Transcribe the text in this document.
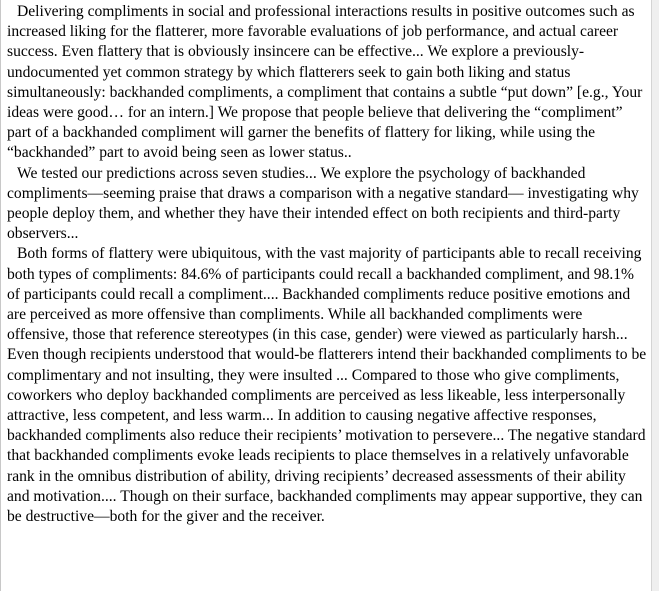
Delivering compliments in social and professional interactions results in positive outcomes such as increased liking for the flatterer, more favorable evaluations of job performance, and actual career success. Even flattery that is obviously insincere can be effective... We explore a previously-undocumented yet common strategy by which flatterers seek to gain both liking and status simultaneously: backhanded compliments, a compliment that contains a subtle “put down” [e.g., Your ideas were good… for an intern.] We propose that people believe that delivering the “compliment” part of a backhanded compliment will garner the benefits of flattery for liking, while using the “backhanded” part to avoid being seen as lower status..

We tested our predictions across seven studies... We explore the psychology of backhanded compliments—seeming praise that draws a comparison with a negative standard— investigating why people deploy them, and whether they have their intended effect on both recipients and third-party observers...

Both forms of flattery were ubiquitous, with the vast majority of participants able to recall receiving both types of compliments: 84.6% of participants could recall a backhanded compliment, and 98.1% of participants could recall a compliment.... Backhanded compliments reduce positive emotions and are perceived as more offensive than compliments. While all backhanded compliments were offensive, those that reference stereotypes (in this case, gender) were viewed as particularly harsh... Even though recipients understood that would-be flatterers intend their backhanded compliments to be complimentary and not insulting, they were insulted ... Compared to those who give compliments, coworkers who deploy backhanded compliments are perceived as less likeable, less interpersonally attractive, less competent, and less warm... In addition to causing negative affective responses, backhanded compliments also reduce their recipients’ motivation to persevere... The negative standard that backhanded compliments evoke leads recipients to place themselves in a relatively unfavorable rank in the omnibus distribution of ability, driving recipients’ decreased assessments of their ability and motivation.... Though on their surface, backhanded compliments may appear supportive, they can be destructive—both for the giver and the receiver.
